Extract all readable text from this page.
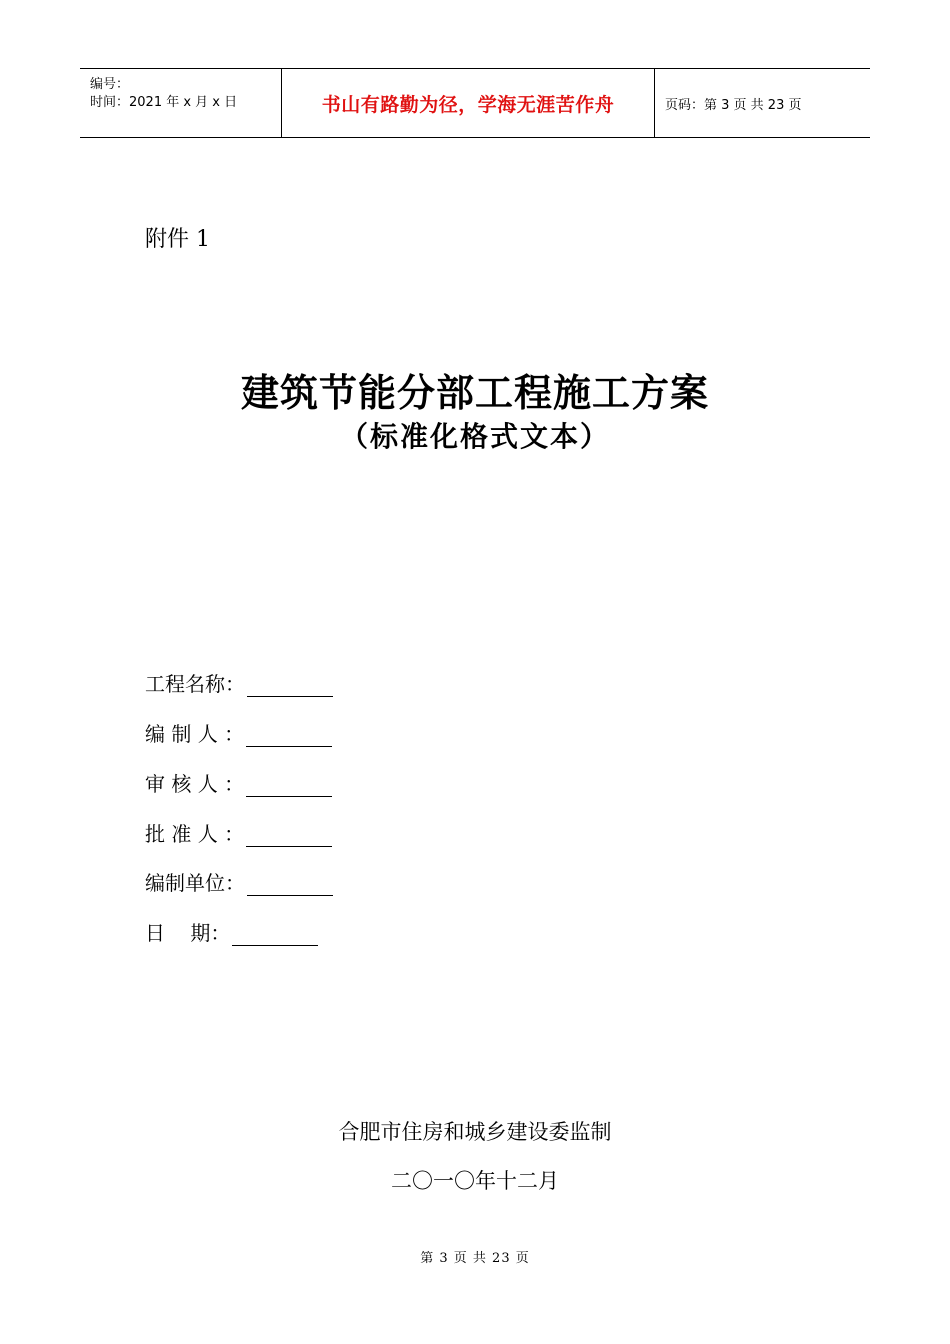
编号：
时间：2021 年 x 月 x 日	书山有路勤为径，学海无涯苦作舟	页码：第 3 页 共 23 页
附件 1
建筑节能分部工程施工方案
（标准化格式文本）
工程名称：
编 制 人 ：
审 核 人 ：
批 准 人 ：
编制单位：
日    期：
合肥市住房和城乡建设委监制
二〇一〇年十二月
第 3 页 共 23 页
